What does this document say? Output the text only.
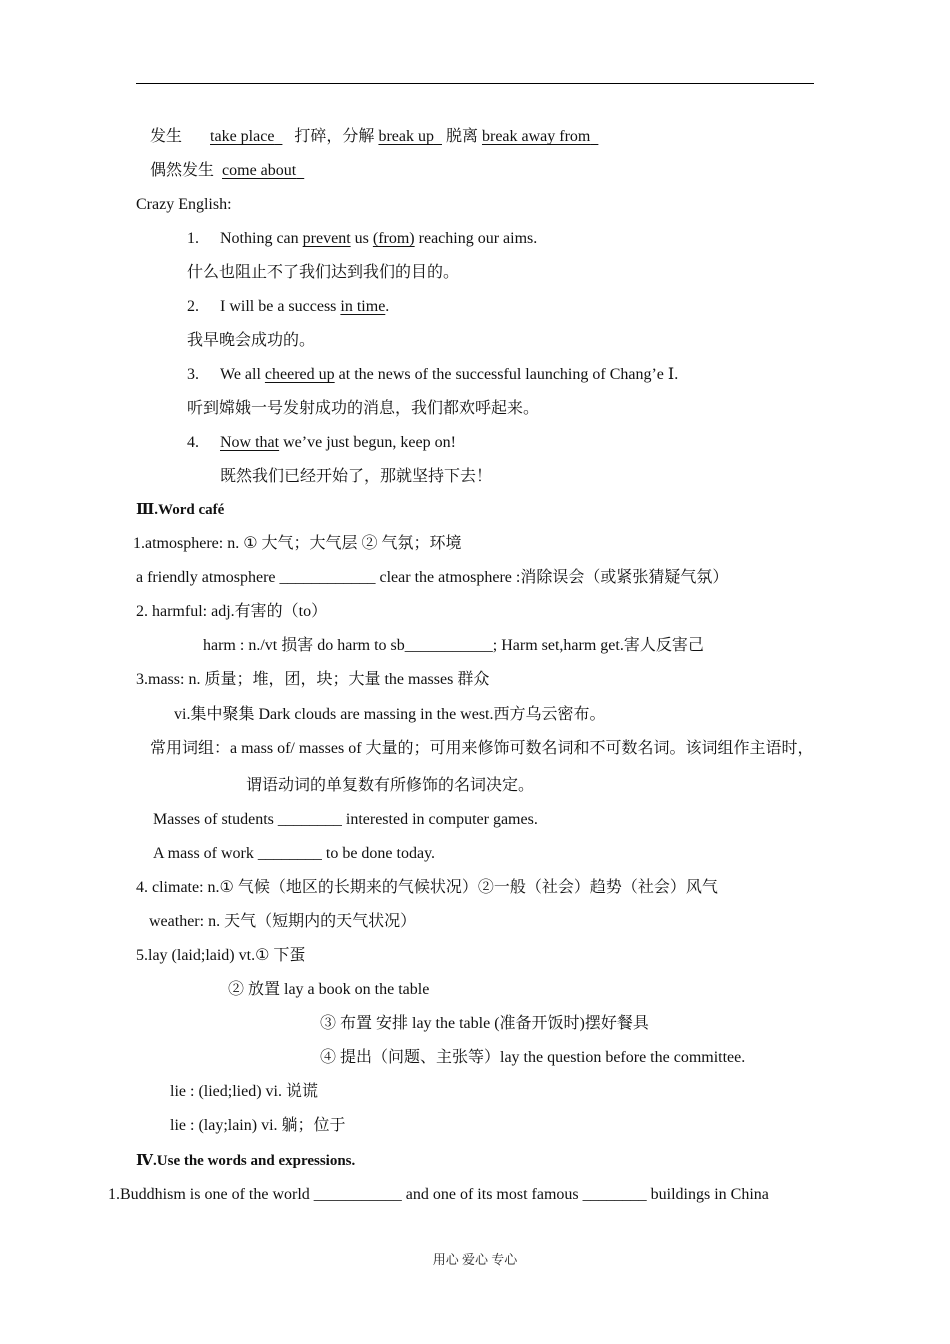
发生 take place 打碎，分解 break up 脱离 break away from
偶然发生 come about
Crazy English:
1. Nothing can prevent us (from) reaching our aims.
什么也阻止不了我们达到我们的目的。
2. I will be a success in time.
我早晚会成功的。
3. We all cheered up at the news of the successful launching of Chang’e Ⅰ.
听到嫦娥一号发射成功的消息，我们都欢呼起来。
4. Now that we’ve just begun, keep on!
既然我们已经开始了，那就坚持下去！
Ⅲ.Word café
1.atmosphere: n. ① 大气；大气层 ② 气氛；环境
a friendly atmosphere ____________ clear the atmosphere :消除误会（或紧张猜疑气氛）
2. harmful: adj.有害的（to）
harm : n./vt 损害 do harm to sb___________; Harm set,harm get.害人反害己
3.mass: n. 质量；堆，团，块；大量 the masses 群众
vi.集中聚集 Dark clouds are massing in the west.西方乌云密布。
常用词组：a mass of/ masses of 大量的；可用来修饰可数名词和不可数名词。该词组作主语时，
谓语动词的单复数有所修饰的名词决定。
Masses of students ________ interested in computer games.
A mass of work ________ to be done today.
4. climate: n.① 气候（地区的长期来的气候状况）②一般（社会）趋势（社会）风气
weather: n. 天气（短期内的天气状况）
5.lay (laid;laid) vt.① 下蛋
② 放置 lay a book on the table
③ 布置 安排 lay the table (准备开饭时)摆好餐具
④ 提出（问题、主张等）lay the question before the committee.
lie : (lied;lied) vi. 说谎
lie : (lay;lain) vi. 躺；位于
Ⅳ.Use the words and expressions.
1.Buddhism is one of the world ___________ and one of its most famous ________ buildings in China
用心 爱心 专心
